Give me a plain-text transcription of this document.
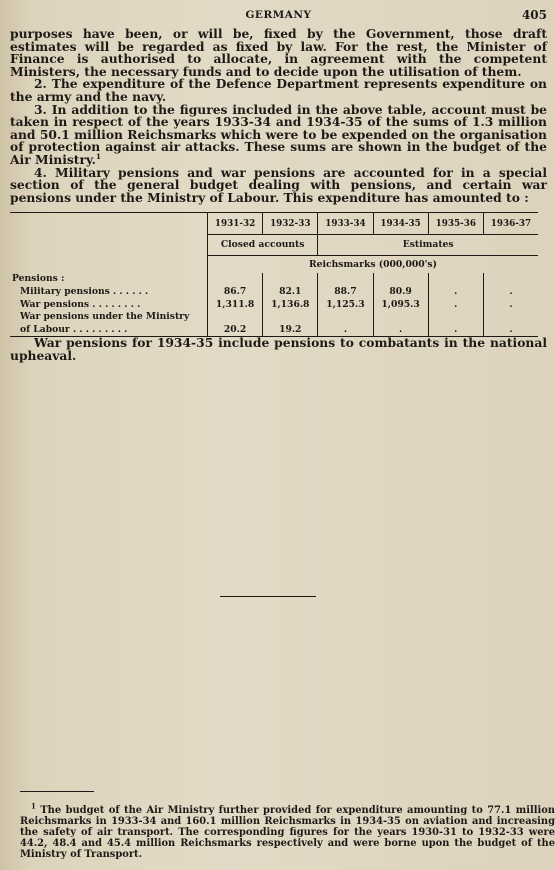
GERMANY	405

purposes have been, or will be, fixed by the Government, those draft estimates will be regarded as fixed by law. For the rest, the Minister of Finance is authorised to allocate, in agreement with the competent Ministers, the necessary funds and to decide upon the utilisation of them.

2. The expenditure of the Defence Department represents expenditure on the army and the navy.

3. In addition to the figures included in the above table, account must be taken in respect of the years 1933-34 and 1934-35 of the sums of 1.3 million and 50.1 million Reichsmarks which were to be expended on the organisation of protection against air attacks. These sums are shown in the budget of the Air Ministry.$^1$

4. Military pensions and war pensions are accounted for in a special section of the general budget dealing with pensions, and certain war pensions under the Ministry of Labour. This expenditure has amounted to :

	1931-32	1932-33	1933-34	1934-35	1935-36	1936-37
	Closed accounts		Estimates			
	Reichsmarks (000,000's)					
Pensions :						
Military pensions . . . . . .	86.7	82.1	88.7	80.9	.	.
War pensions . . . . . . . .	1,311.8	1,136.8	1,125.3	1,095.3	.	.
War pensions under the Ministry						
of Labour . . . . . . . . .	20.2	19.2	.	.	.	.

War pensions for 1934-35 include pensions to combatants in the national upheaval.

$^1$ The budget of the Air Ministry further provided for expenditure amounting to 77.1 million Reichsmarks in 1933-34 and 160.1 million Reichsmarks in 1934-35 on aviation and increasing the safety of air transport. The corresponding figures for the years 1930-31 to 1932-33 were 44.2, 48.4 and 45.4 million Reichsmarks respectively and were borne upon the budget of the Ministry of Transport.
